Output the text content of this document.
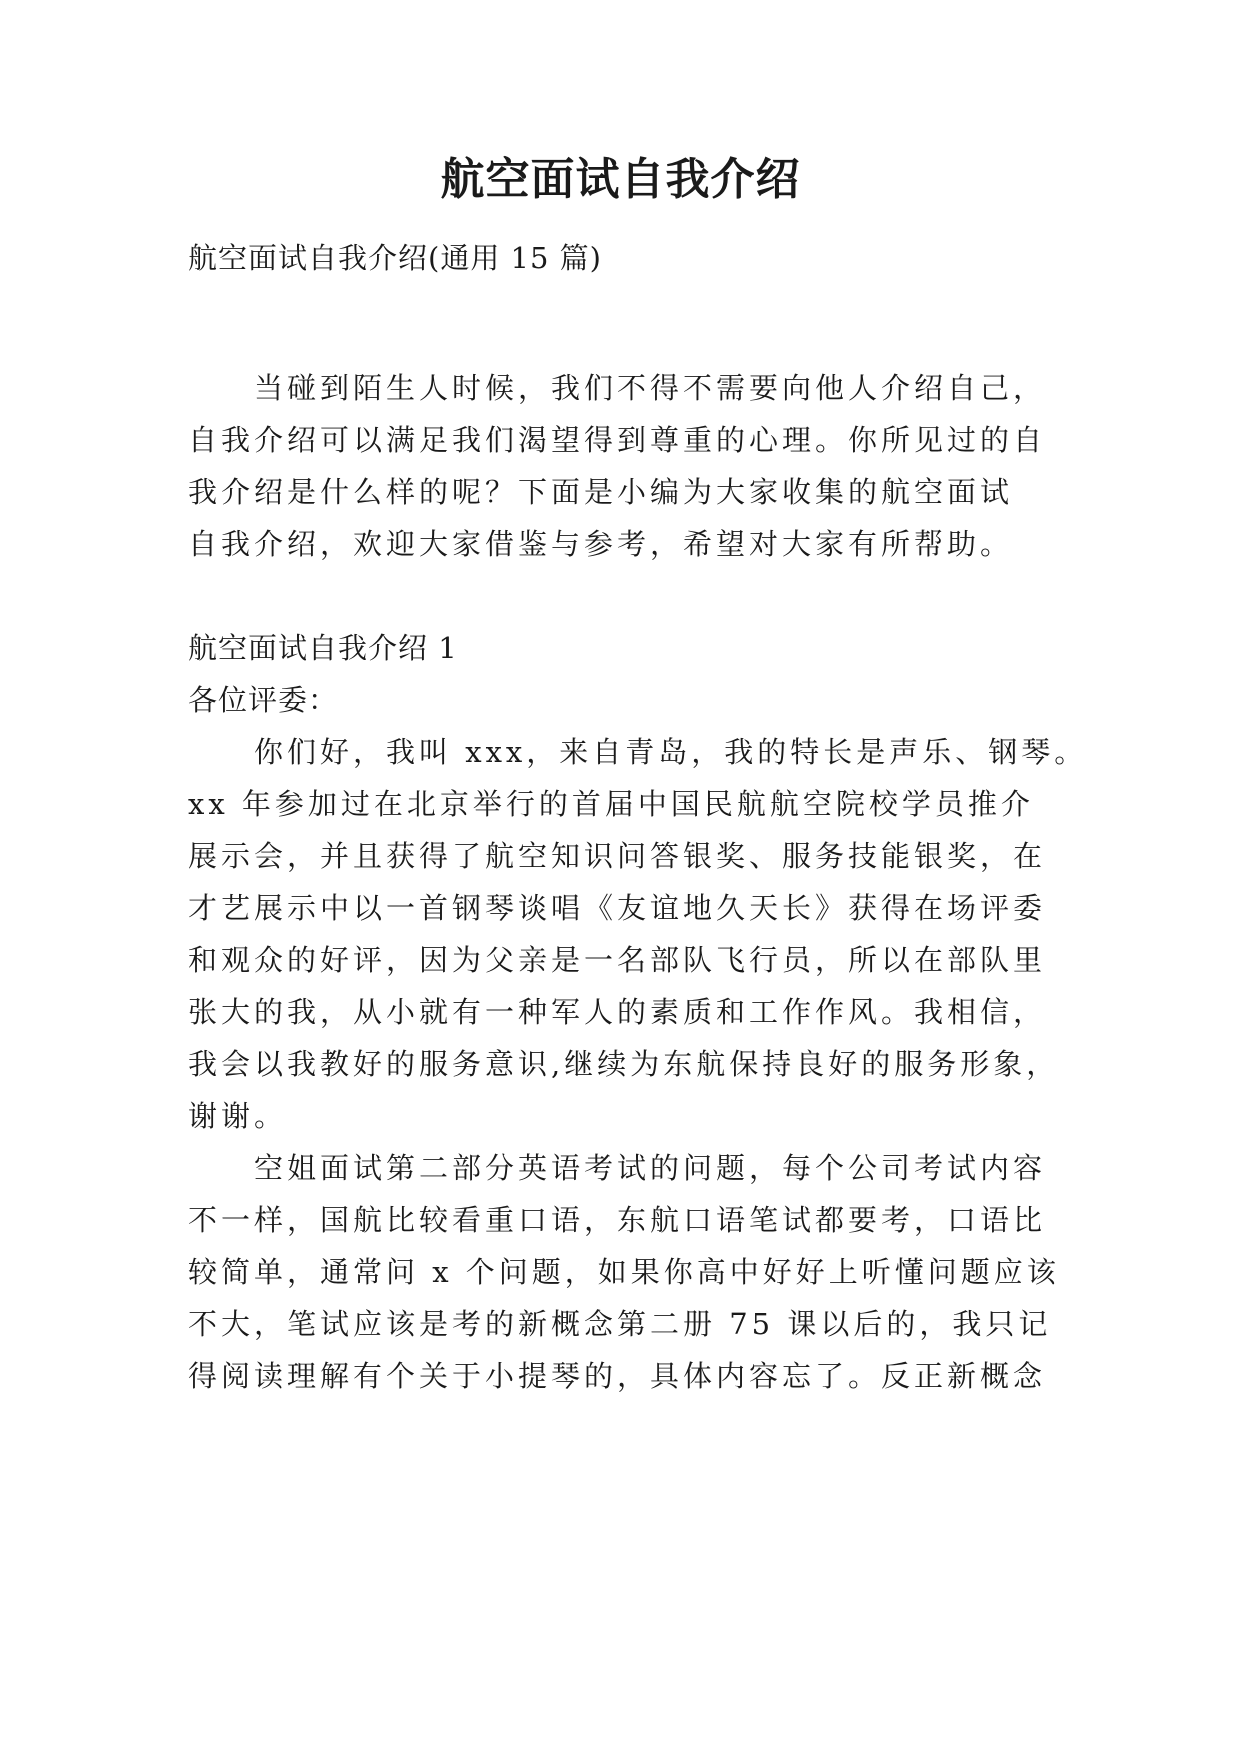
航空面试自我介绍

航空面试自我介绍(通用 15 篇)

　　当碰到陌生人时候，我们不得不需要向他人介绍自己，

自我介绍可以满足我们渴望得到尊重的心理。你所见过的自

我介绍是什么样的呢？下面是小编为大家收集的航空面试

自我介绍，欢迎大家借鉴与参考，希望对大家有所帮助。

航空面试自我介绍 1

各位评委：

　　你们好，我叫 xxx，来自青岛，我的特长是声乐、钢琴。

xx 年参加过在北京举行的首届中国民航航空院校学员推介

展示会，并且获得了航空知识问答银奖、服务技能银奖，在

才艺展示中以一首钢琴谈唱《友谊地久天长》获得在场评委

和观众的好评，因为父亲是一名部队飞行员，所以在部队里

张大的我，从小就有一种军人的素质和工作作风。我相信，

我会以我教好的服务意识,继续为东航保持良好的服务形象，

谢谢。

　　空姐面试第二部分英语考试的问题，每个公司考试内容

不一样，国航比较看重口语，东航口语笔试都要考，口语比

较简单，通常问 x 个问题，如果你高中好好上听懂问题应该

不大，笔试应该是考的新概念第二册 75 课以后的，我只记

得阅读理解有个关于小提琴的，具体内容忘了。反正新概念
